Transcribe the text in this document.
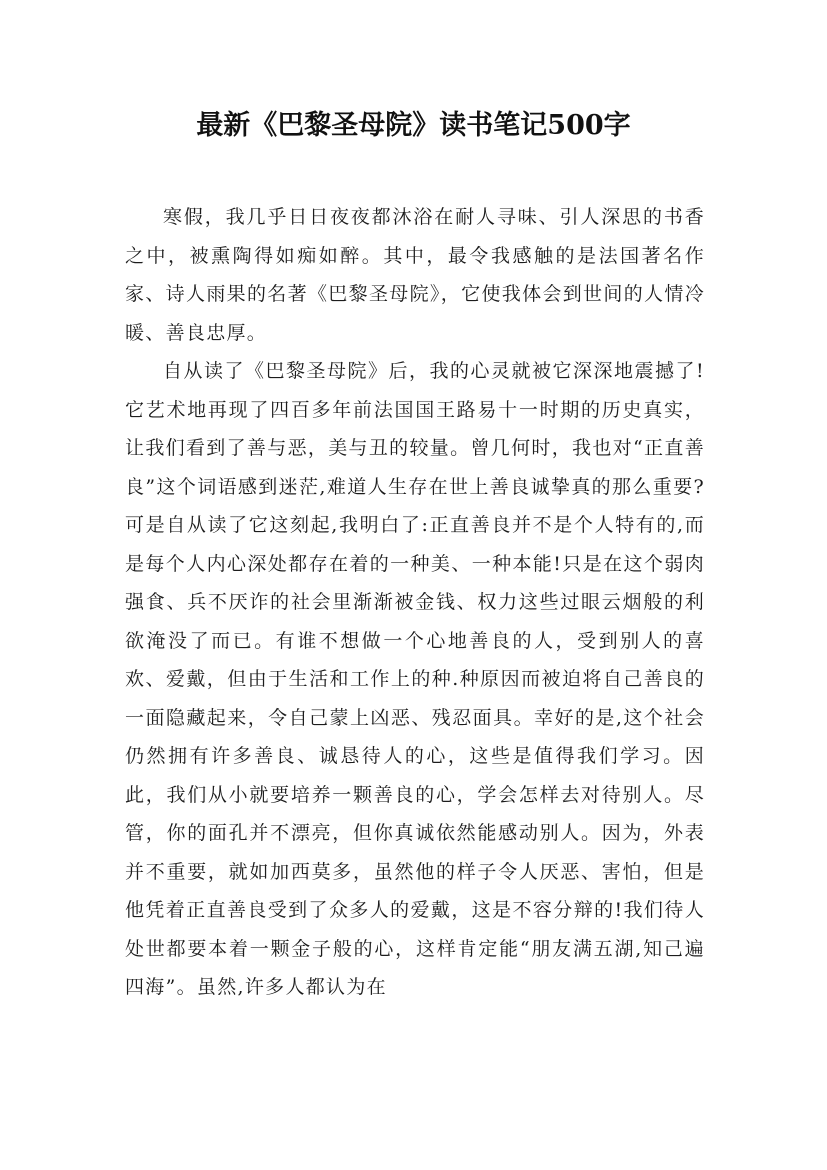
最新《巴黎圣母院》读书笔记500字

寒假，我几乎日日夜夜都沐浴在耐人寻味、引人深思的书香之中，被熏陶得如痴如醉。其中，最令我感触的是法国著名作家、诗人雨果的名著《巴黎圣母院》，它使我体会到世间的人情冷暖、善良忠厚。

自从读了《巴黎圣母院》后，我的心灵就被它深深地震撼了!它艺术地再现了四百多年前法国国王路易十一时期的历史真实，让我们看到了善与恶，美与丑的较量。曾几何时，我也对“正直善良”这个词语感到迷茫,难道人生存在世上善良诚挚真的那么重要?可是自从读了它这刻起,我明白了:正直善良并不是个人特有的,而是每个人内心深处都存在着的一种美、一种本能!只是在这个弱肉强食、兵不厌诈的社会里渐渐被金钱、权力这些过眼云烟般的利欲淹没了而已。有谁不想做一个心地善良的人，受到别人的喜欢、爱戴，但由于生活和工作上的种.种原因而被迫将自己善良的一面隐藏起来，令自己蒙上凶恶、残忍面具。幸好的是,这个社会仍然拥有许多善良、诚恳待人的心，这些是值得我们学习。因此，我们从小就要培养一颗善良的心，学会怎样去对待别人。尽管，你的面孔并不漂亮，但你真诚依然能感动别人。因为，外表并不重要，就如加西莫多，虽然他的样子令人厌恶、害怕，但是他凭着正直善良受到了众多人的爱戴，这是不容分辩的!我们待人处世都要本着一颗金子般的心，这样肯定能“朋友满五湖,知己遍四海”。虽然,许多人都认为在
